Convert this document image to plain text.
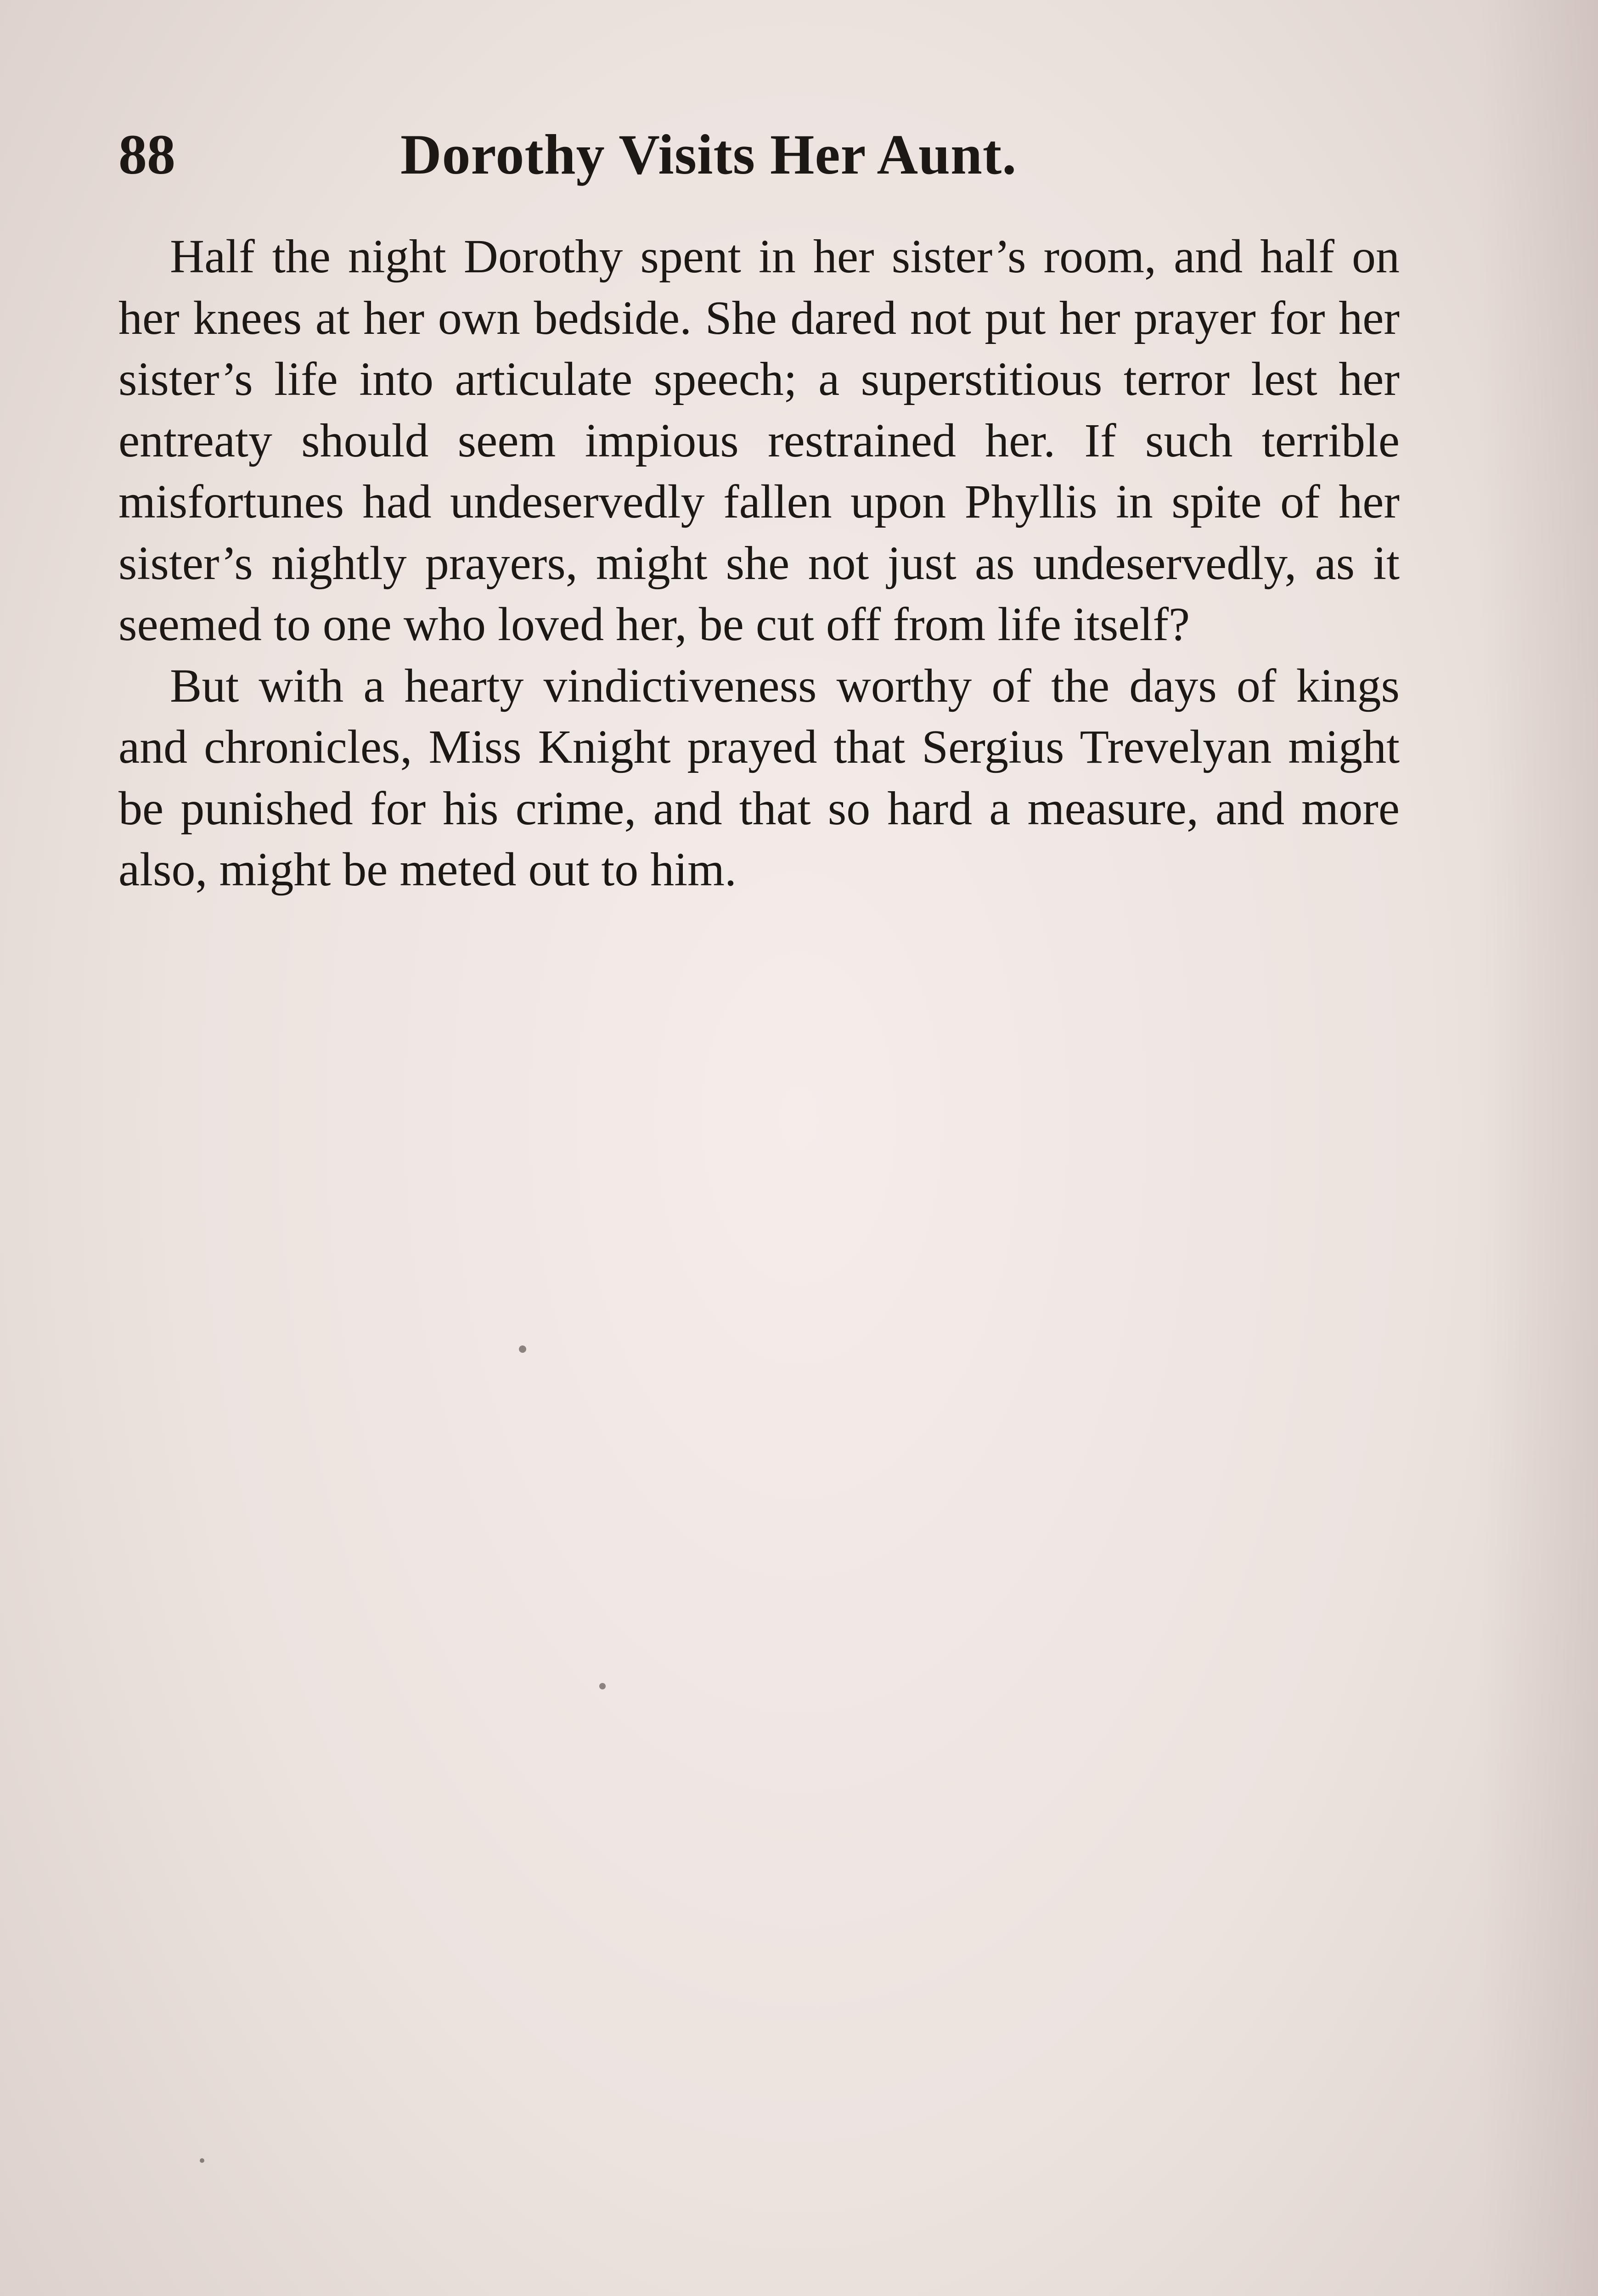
88	Dorothy Visits Her Aunt.

Half the night Dorothy spent in her sister’s room, and half on her knees at her own bedside. She dared not put her prayer for her sister’s life into articulate speech; a superstitious terror lest her entreaty should seem impious restrained her. If such terrible misfortunes had undeservedly fallen upon Phyllis in spite of her sister’s nightly prayers, might she not just as undeservedly, as it seemed to one who loved her, be cut off from life itself?

But with a hearty vindictiveness worthy of the days of kings and chronicles, Miss Knight prayed that Sergius Trevelyan might be punished for his crime, and that so hard a measure, and more also, might be meted out to him.
